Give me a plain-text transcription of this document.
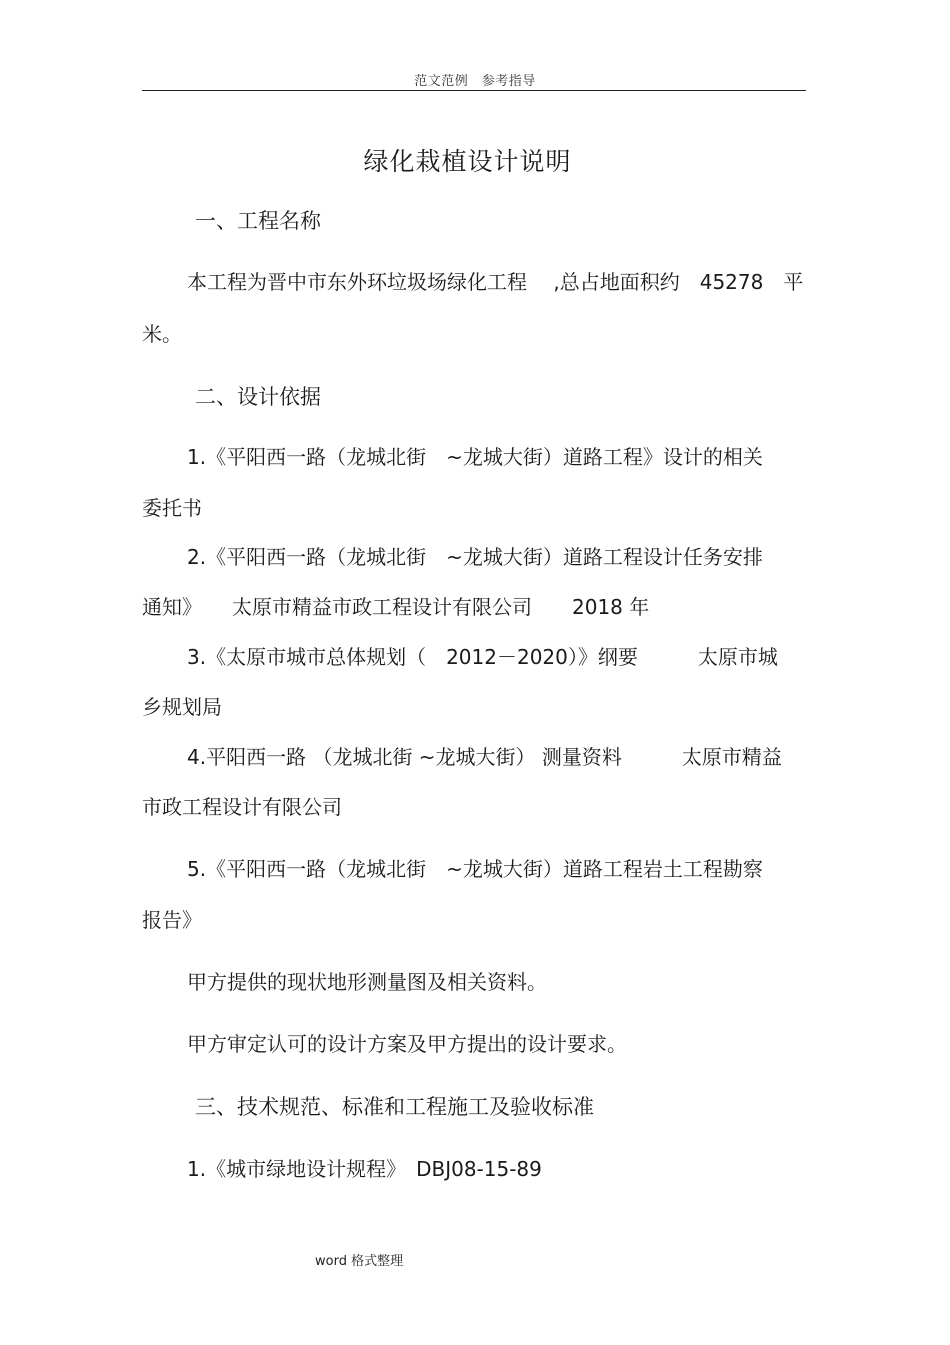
范文范例　参考指导
绿化栽植设计说明
一、工程名称
本工程为晋中市东外环垃圾场绿化工程　 ,总占地面积约　45278　平
米。
二、设计依据
1.《平阳西一路（龙城北街　~龙城大街）道路工程》设计的相关
委托书
2.《平阳西一路（龙城北街　~龙城大街）道路工程设计任务安排
通知》　　太原市精益市政工程设计有限公司　　2018 年
3.《太原市城市总体规划（　2012－2020）》纲要　　　太原市城
乡规划局
4.平阳西一路 （龙城北街 ~龙城大街） 测量资料　　　太原市精益
市政工程设计有限公司
5.《平阳西一路（龙城北街　~龙城大街）道路工程岩土工程勘察
报告》
甲方提供的现状地形测量图及相关资料。
甲方审定认可的设计方案及甲方提出的设计要求。
三、技术规范、标准和工程施工及验收标准
1.《城市绿地设计规程》　DBJ08-15-89
word 格式整理
